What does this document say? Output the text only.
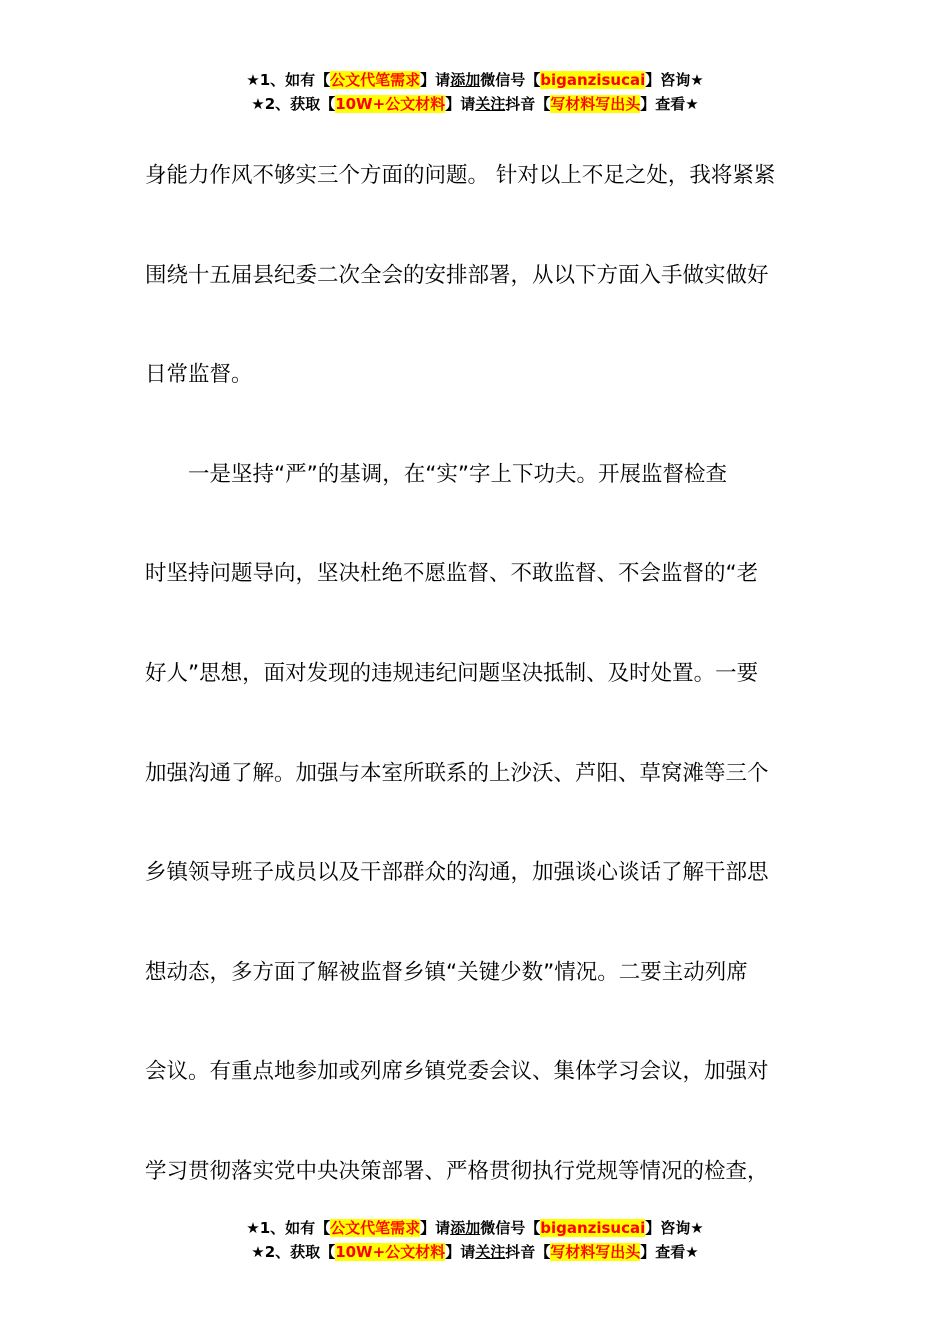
★1、如有【公文代笔需求】请添加微信号【biganzisucai】咨询★
★2、获取【10W+公文材料】请关注抖音【写材料写出头】查看★
身能力作风不够实三个方面的问题。 针对以上不足之处，我将紧紧
围绕十五届县纪委二次全会的安排部署，从以下方面入手做实做好
日常监督。
一是坚持“严”的基调，在“实”字上下功夫。开展监督检查
时坚持问题导向，坚决杜绝不愿监督、不敢监督、不会监督的“老
好人”思想，面对发现的违规违纪问题坚决抵制、及时处置。一要
加强沟通了解。加强与本室所联系的上沙沃、芦阳、草窝滩等三个
乡镇领导班子成员以及干部群众的沟通，加强谈心谈话了解干部思
想动态，多方面了解被监督乡镇“关键少数”情况。二要主动列席
会议。有重点地参加或列席乡镇党委会议、集体学习会议，加强对
学习贯彻落实党中央决策部署、严格贯彻执行党规等情况的检查，
★1、如有【公文代笔需求】请添加微信号【biganzisucai】咨询★
★2、获取【10W+公文材料】请关注抖音【写材料写出头】查看★
